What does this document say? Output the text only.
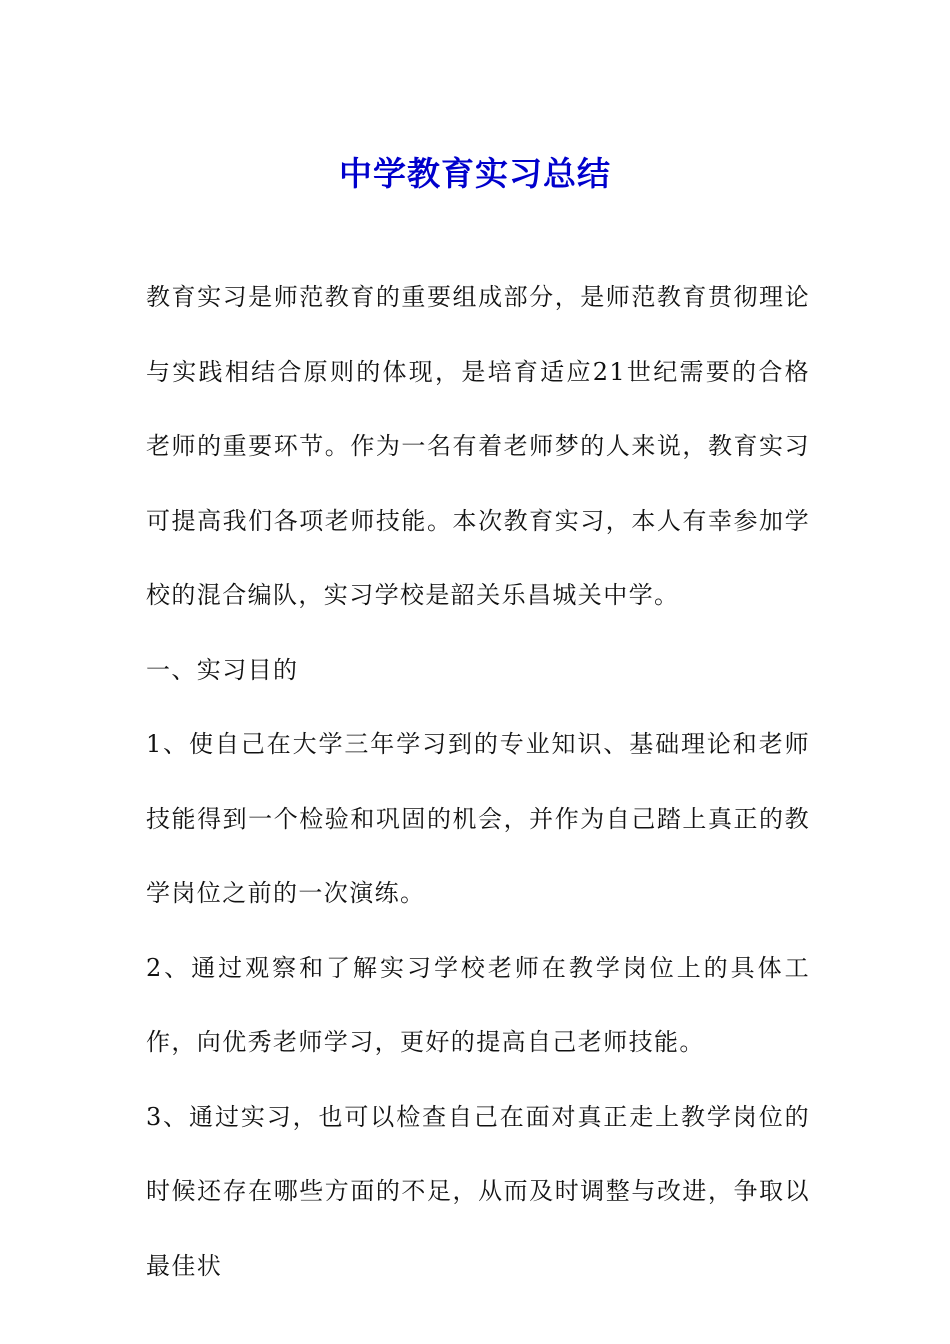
中学教育实习总结

教育实习是师范教育的重要组成部分，是师范教育贯彻理论与实践相结合原则的体现，是培育适应21世纪需要的合格老师的重要环节。作为一名有着老师梦的人来说，教育实习可提高我们各项老师技能。本次教育实习，本人有幸参加学校的混合编队，实习学校是韶关乐昌城关中学。

一、实习目的

1、使自己在大学三年学习到的专业知识、基础理论和老师技能得到一个检验和巩固的机会，并作为自己踏上真正的教学岗位之前的一次演练。

2、通过观察和了解实习学校老师在教学岗位上的具体工作，向优秀老师学习，更好的提高自己老师技能。

3、通过实习，也可以检查自己在面对真正走上教学岗位的时候还存在哪些方面的不足，从而及时调整与改进，争取以最佳状
